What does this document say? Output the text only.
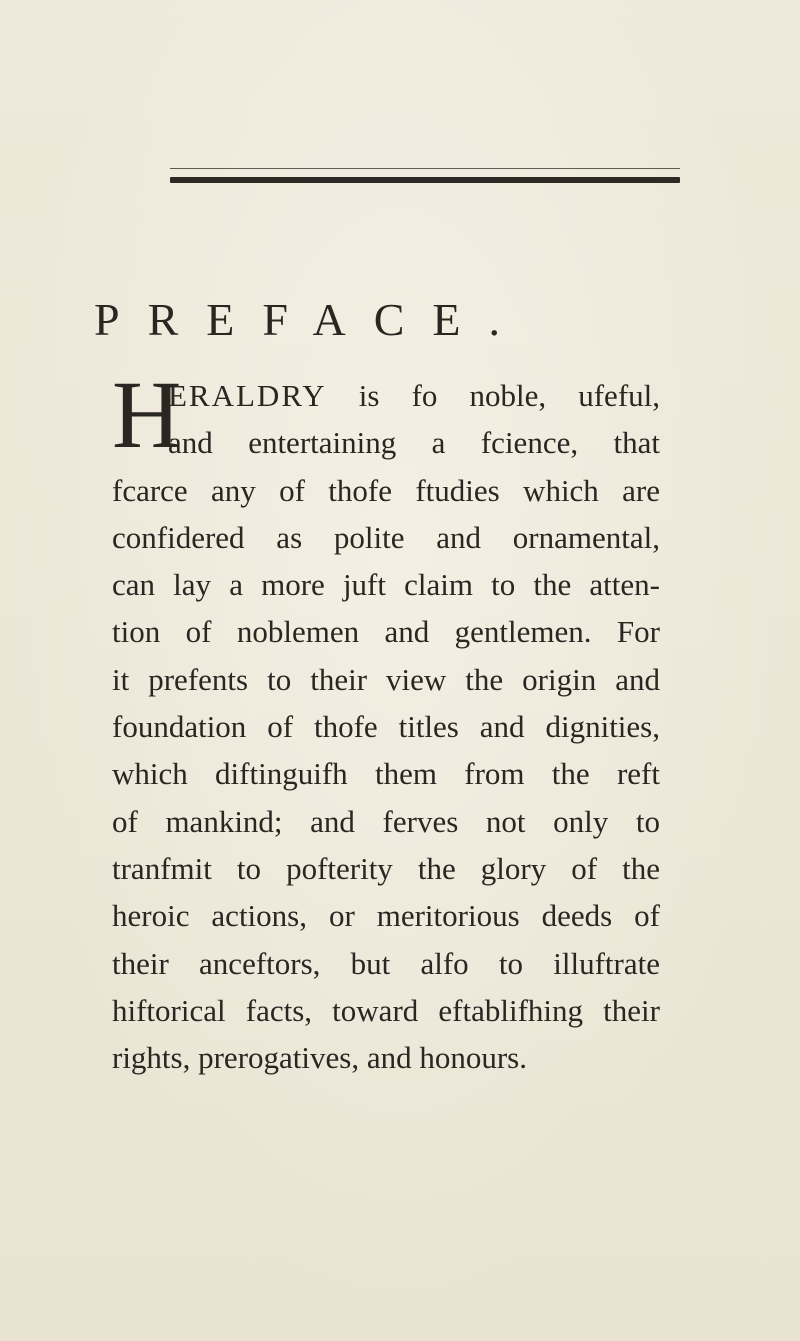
PREFACE.
H
ERALDRY is fo noble, ufeful,
and entertaining a fcience, that
fcarce any of thofe ftudies which are
confidered as polite and ornamental,
can lay a more juft claim to the atten-
tion of noblemen and gentlemen. For
it prefents to their view the origin and
foundation of thofe titles and dignities,
which diftinguifh them from the reft
of mankind; and ferves not only to
tranfmit to pofterity the glory of the
heroic actions, or meritorious deeds of
their anceftors, but alfo to illuftrate
hiftorical facts, toward eftablifhing their
rights, prerogatives, and honours.
